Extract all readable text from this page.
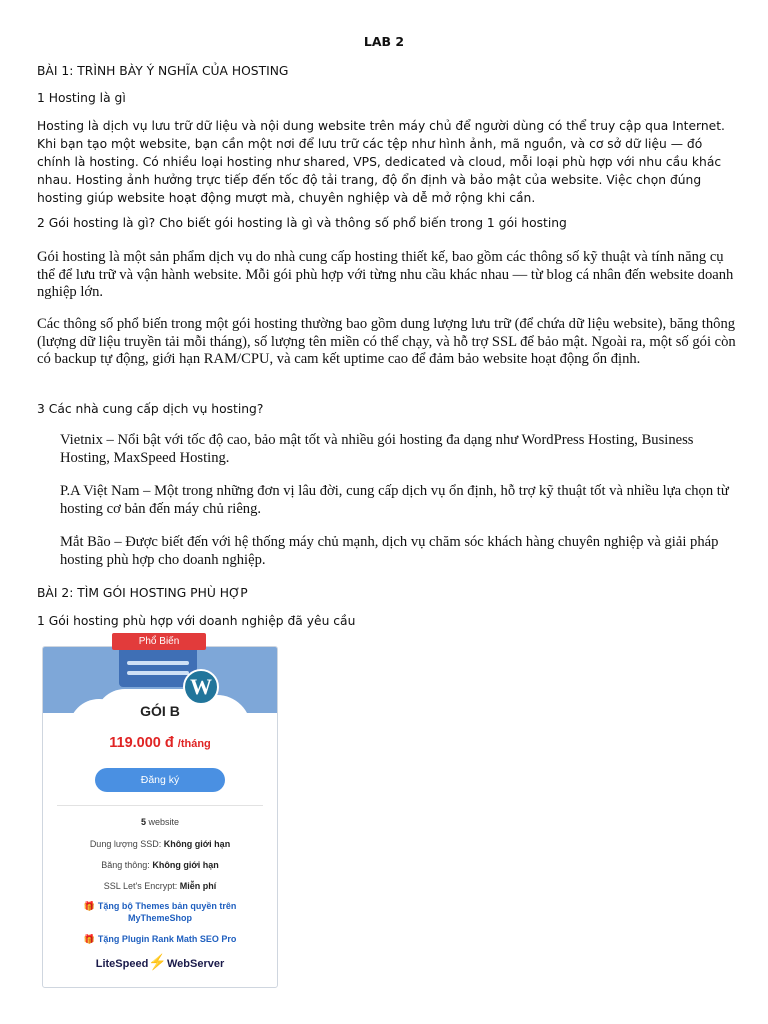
LAB 2
BÀI 1: TRÌNH BÀY Ý NGHĨA CỦA HOSTING
1 Hosting là gì
Hosting là dịch vụ lưu trữ dữ liệu và nội dung website trên máy chủ để người dùng có thể truy cập qua Internet. Khi bạn tạo một website, bạn cần một nơi để lưu trữ các tệp như hình ảnh, mã nguồn, và cơ sở dữ liệu — đó chính là hosting. Có nhiều loại hosting như shared, VPS, dedicated và cloud, mỗi loại phù hợp với nhu cầu khác nhau. Hosting ảnh hưởng trực tiếp đến tốc độ tải trang, độ ổn định và bảo mật của website. Việc chọn đúng hosting giúp website hoạt động mượt mà, chuyên nghiệp và dễ mở rộng khi cần.
2 Gói hosting là gì? Cho biết gói hosting là gì và thông số phổ biến trong 1 gói hosting
Gói hosting là một sản phẩm dịch vụ do nhà cung cấp hosting thiết kế, bao gồm các thông số kỹ thuật và tính năng cụ thể để lưu trữ và vận hành website. Mỗi gói phù hợp với từng nhu cầu khác nhau — từ blog cá nhân đến website doanh nghiệp lớn.
Các thông số phổ biến trong một gói hosting thường bao gồm dung lượng lưu trữ (để chứa dữ liệu website), băng thông (lượng dữ liệu truyền tải mỗi tháng), số lượng tên miền có thể chạy, và hỗ trợ SSL để bảo mật. Ngoài ra, một số gói còn có backup tự động, giới hạn RAM/CPU, và cam kết uptime cao để đảm bảo website hoạt động ổn định.
3 Các nhà cung cấp dịch vụ hosting?
Vietnix – Nổi bật với tốc độ cao, bảo mật tốt và nhiều gói hosting đa dạng như WordPress Hosting, Business Hosting, MaxSpeed Hosting.
P.A Việt Nam – Một trong những đơn vị lâu đời, cung cấp dịch vụ ổn định, hỗ trợ kỹ thuật tốt và nhiều lựa chọn từ hosting cơ bản đến máy chủ riêng.
Mắt Bão – Được biết đến với hệ thống máy chủ mạnh, dịch vụ chăm sóc khách hàng chuyên nghiệp và giải pháp hosting phù hợp cho doanh nghiệp.
BÀI 2: TÌM GÓI HOSTING PHÙ HỢP
1 Gói hosting phù hợp với doanh nghiệp đã yêu cầu
Phổ Biến
W
GÓI B
119.000 đ /tháng
Đăng ký
5 website
Dung lượng SSD: Không giới hạn
Băng thông: Không giới hạn
SSL Let's Encrypt: Miễn phí
🎁 Tặng bộ Themes bản quyền trên MyThemeShop
🎁 Tặng Plugin Rank Math SEO Pro
LiteSpeed⚡WebServer
